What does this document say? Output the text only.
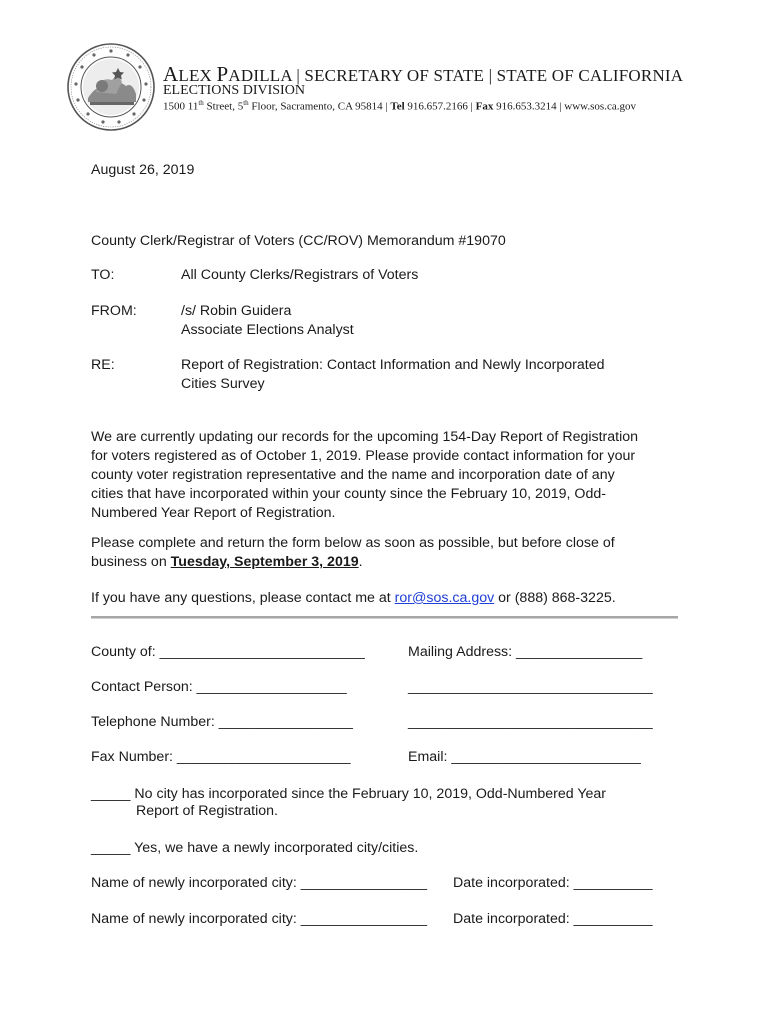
ALEX PADILLA | SECRETARY OF STATE | STATE OF CALIFORNIA
ELECTIONS DIVISION
1500 11th Street, 5th Floor, Sacramento, CA 95814 | Tel 916.657.2166 | Fax 916.653.3214 | www.sos.ca.gov
August 26, 2019
County Clerk/Registrar of Voters (CC/ROV) Memorandum #19070
TO:	All County Clerks/Registrars of Voters
FROM:	/s/ Robin Guidera
Associate Elections Analyst
RE:	Report of Registration: Contact Information and Newly Incorporated
Cities Survey
We are currently updating our records for the upcoming 154-Day Report of Registration
for voters registered as of October 1, 2019. Please provide contact information for your
county voter registration representative and the name and incorporation date of any
cities that have incorporated within your county since the February 10, 2019, Odd-
Numbered Year Report of Registration.
Please complete and return the form below as soon as possible, but before close of
business on Tuesday, September 3, 2019.
If you have any questions, please contact me at ror@sos.ca.gov or (888) 868-3225.
County of: __________________________	Mailing Address: ________________
Contact Person: ___________________	_______________________________
Telephone Number: _________________	_______________________________
Fax Number: ______________________	Email: ________________________
_____ No city has incorporated since the February 10, 2019, Odd-Numbered Year
Report of Registration.
_____ Yes, we have a newly incorporated city/cities.
Name of newly incorporated city: ________________ Date incorporated: __________
Name of newly incorporated city: ________________ Date incorporated: __________
